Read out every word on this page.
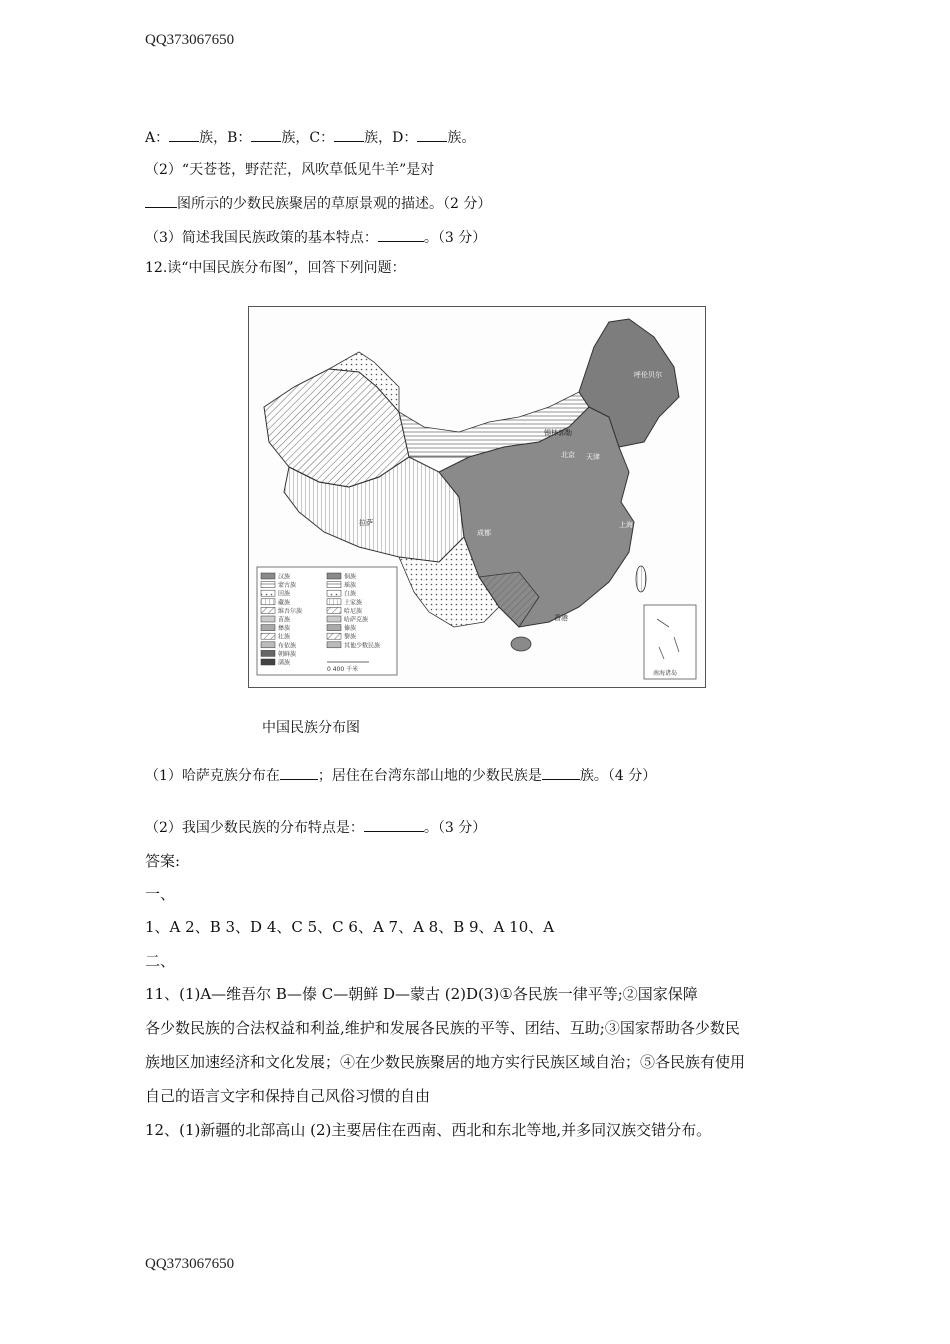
QQ373067650
A： 族，B： 族，C： 族，D： 族。
（2）“天苍苍，野茫茫，风吹草低见牛羊”是对
图所示的少数民族聚居的草原景观的描述。（2 分）
（3）简述我国民族政策的基本特点：	。（3 分）
12.读“中国民族分布图”，回答下列问题：
呼伦贝尔
北京 天津
上海
香港
拉萨
成都
锡林郭勒
汉族
蒙古族
回族
藏族
维吾尔族
苗族
彝族
壮族
布依族
朝鲜族
满族
侗族
瑶族
白族
土家族
哈尼族
哈萨克族
傣族
黎族
其他少数民族
0 400 千米
南海诸岛
中国民族分布图
（1）哈萨克族分布在	；居住在台湾东部山地的少数民族是	族。（4 分）
（2）我国少数民族的分布特点是：	。（3 分）
答案:
一、
1、A 2、B 3、D 4、C 5、C 6、A 7、A 8、B 9、A 10、A
二、
11、(1)A—维吾尔 B—傣 C—朝鲜 D—蒙古 (2)D(3)①各民族一律平等;②国家保障
各少数民族的合法权益和利益,维护和发展各民族的平等、团结、互助;③国家帮助各少数民
族地区加速经济和文化发展；④在少数民族聚居的地方实行民族区域自治；⑤各民族有使用
自己的语言文字和保持自己风俗习惯的自由
12、(1)新疆的北部高山 (2)主要居住在西南、西北和东北等地,并多同汉族交错分布。
QQ373067650
